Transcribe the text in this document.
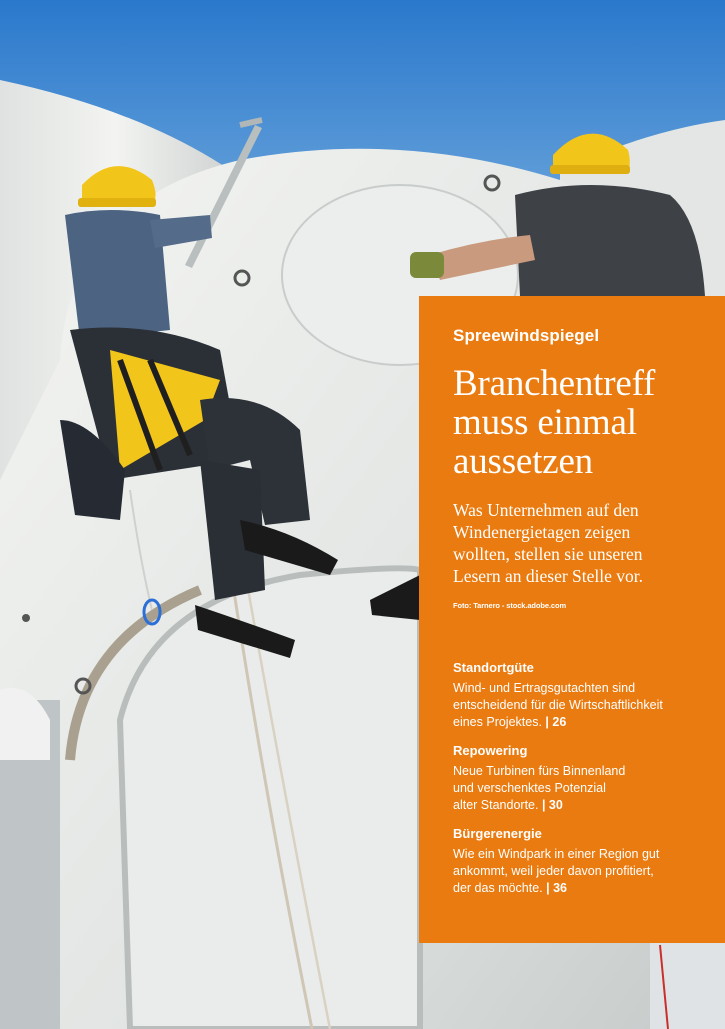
Spreewindspiegel
Branchentreff
muss einmal
aussetzen

Was Unternehmen auf den
Windenergietagen zeigen
wollten, stellen sie unseren
Lesern an dieser Stelle vor.

Foto: Tarnero - stock.adobe.com
Standortgüte
Wind- und Ertragsgutachten sind
entscheidend für die Wirtschaftlichkeit
eines Projektes. | 26
Repowering
Neue Turbinen fürs Binnenland
und verschenktes Potenzial
alter Standorte. | 30
Bürgerenergie
Wie ein Windpark in einer Region gut
ankommt, weil jeder davon profitiert,
der das möchte. | 36
